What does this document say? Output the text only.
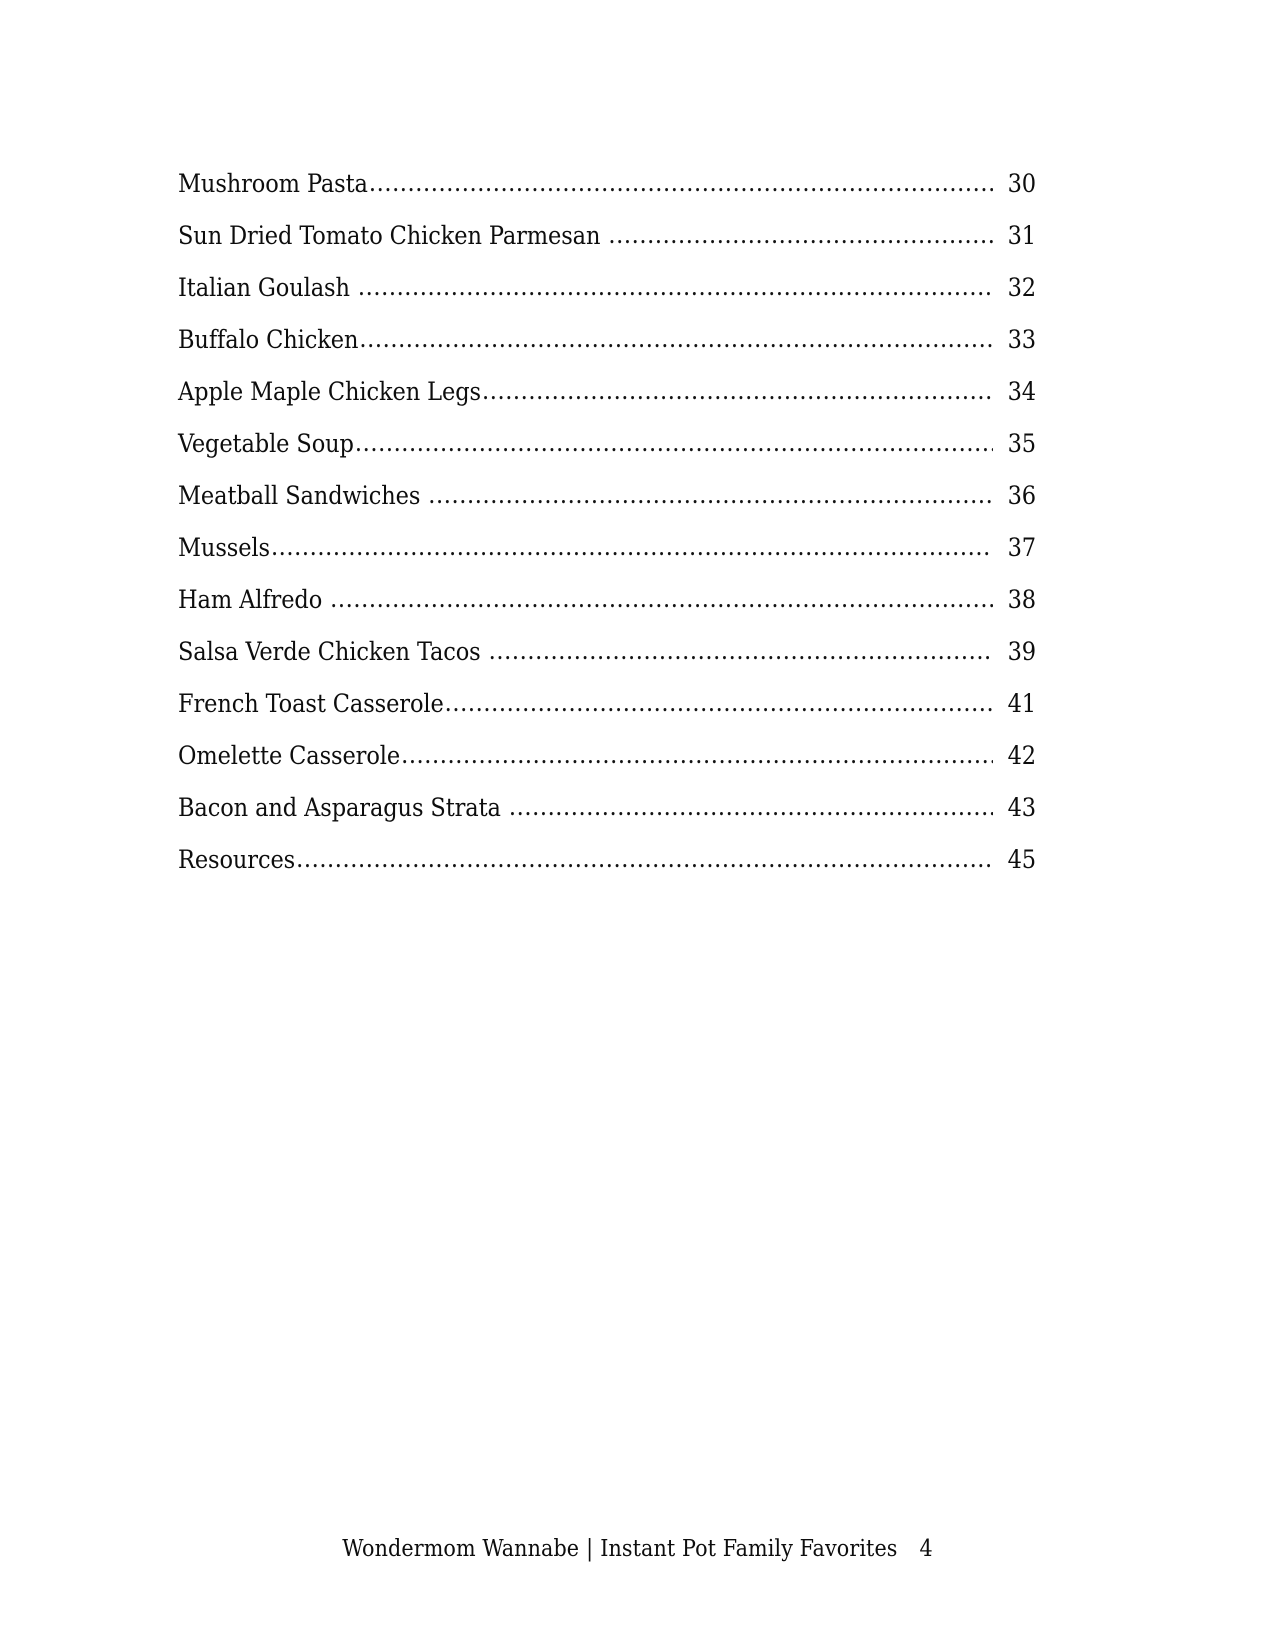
Mushroom Pasta .....	30
Sun Dried Tomato Chicken Parmesan .....	31
Italian Goulash .....	32
Buffalo Chicken .....	33
Apple Maple Chicken Legs .....	34
Vegetable Soup .....	35
Meatball Sandwiches .....	36
Mussels .....	37
Ham Alfredo .....	38
Salsa Verde Chicken Tacos .....	39
French Toast Casserole .....	41
Omelette Casserole .....	42
Bacon and Asparagus Strata .....	43
Resources .....	45
Wondermom Wannabe | Instant Pot Family Favorites 4
